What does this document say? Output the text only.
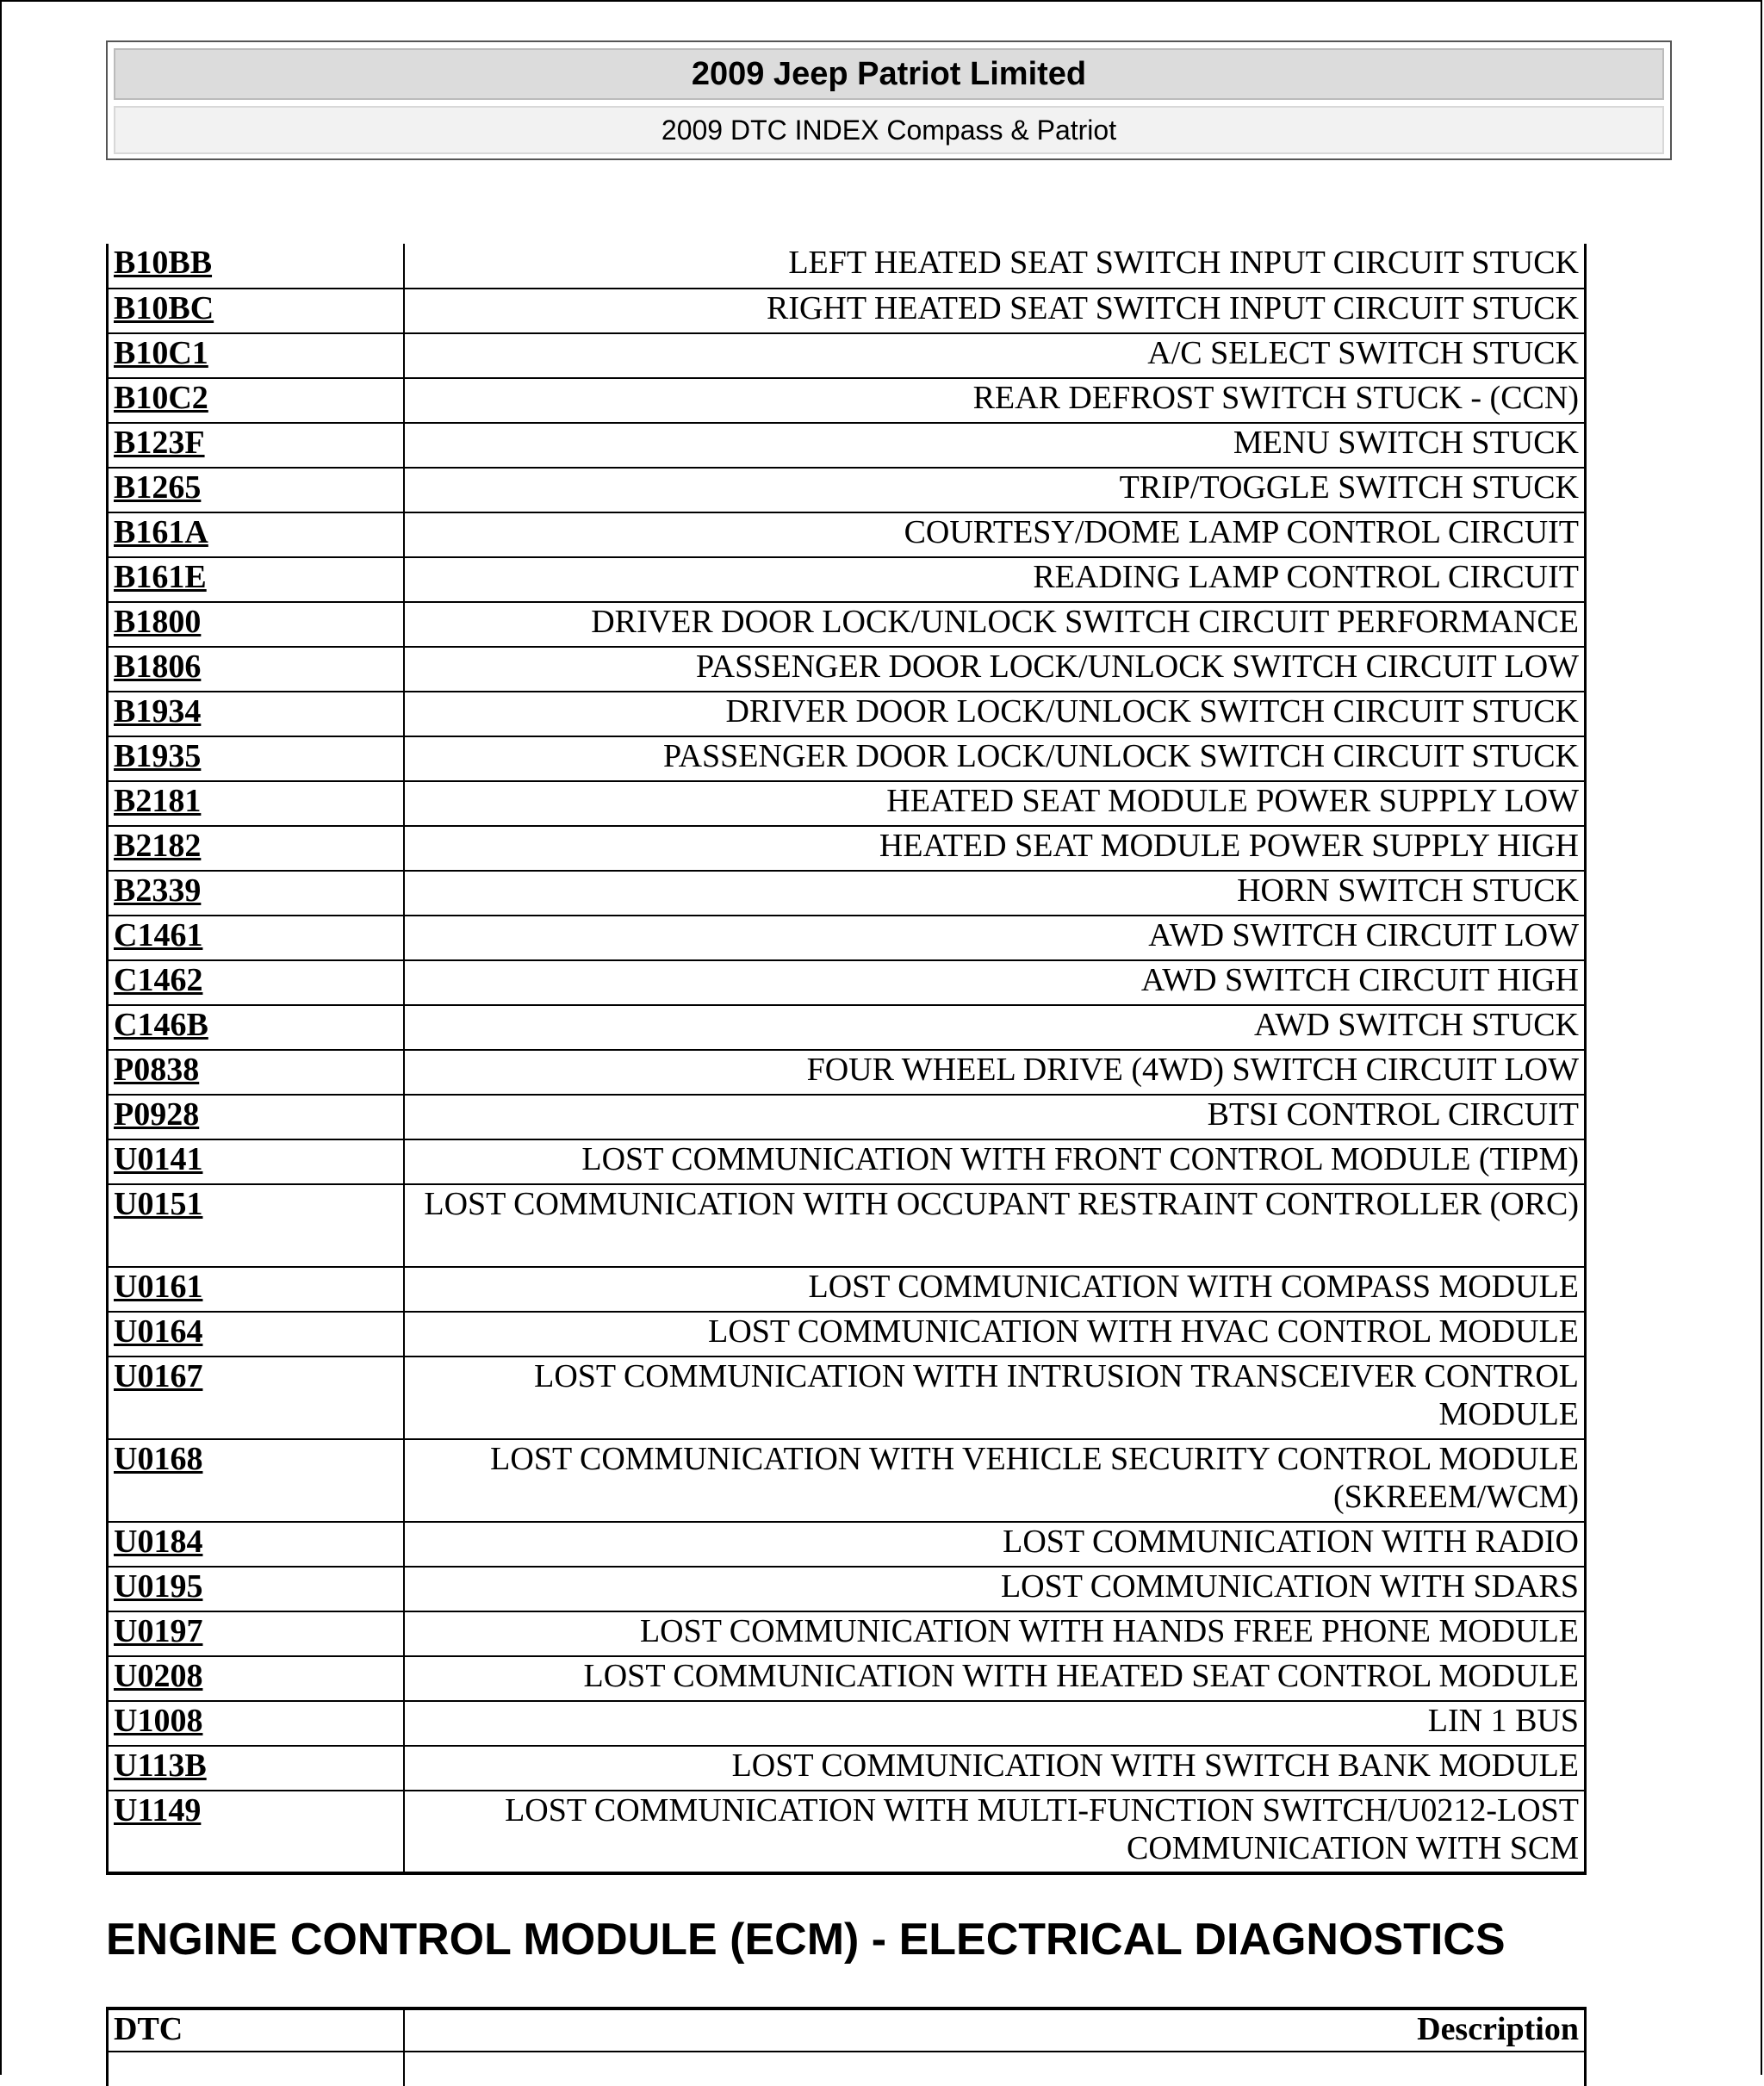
2009 Jeep Patriot Limited
2009 DTC INDEX Compass & Patriot
B10BB	LEFT HEATED SEAT SWITCH INPUT CIRCUIT STUCK
B10BC	RIGHT HEATED SEAT SWITCH INPUT CIRCUIT STUCK
B10C1	A/C SELECT SWITCH STUCK
B10C2	REAR DEFROST SWITCH STUCK - (CCN)
B123F	MENU SWITCH STUCK
B1265	TRIP/TOGGLE SWITCH STUCK
B161A	COURTESY/DOME LAMP CONTROL CIRCUIT
B161E	READING LAMP CONTROL CIRCUIT
B1800	DRIVER DOOR LOCK/UNLOCK SWITCH CIRCUIT PERFORMANCE
B1806	PASSENGER DOOR LOCK/UNLOCK SWITCH CIRCUIT LOW
B1934	DRIVER DOOR LOCK/UNLOCK SWITCH CIRCUIT STUCK
B1935	PASSENGER DOOR LOCK/UNLOCK SWITCH CIRCUIT STUCK
B2181	HEATED SEAT MODULE POWER SUPPLY LOW
B2182	HEATED SEAT MODULE POWER SUPPLY HIGH
B2339	HORN SWITCH STUCK
C1461	AWD SWITCH CIRCUIT LOW
C1462	AWD SWITCH CIRCUIT HIGH
C146B	AWD SWITCH STUCK
P0838	FOUR WHEEL DRIVE (4WD) SWITCH CIRCUIT LOW
P0928	BTSI CONTROL CIRCUIT
U0141	LOST COMMUNICATION WITH FRONT CONTROL MODULE (TIPM)
U0151	LOST COMMUNICATION WITH OCCUPANT RESTRAINT CONTROLLER (ORC)
U0161	LOST COMMUNICATION WITH COMPASS MODULE
U0164	LOST COMMUNICATION WITH HVAC CONTROL MODULE
U0167	LOST COMMUNICATION WITH INTRUSION TRANSCEIVER CONTROL MODULE
U0168	LOST COMMUNICATION WITH VEHICLE SECURITY CONTROL MODULE (SKREEM/WCM)
U0184	LOST COMMUNICATION WITH RADIO
U0195	LOST COMMUNICATION WITH SDARS
U0197	LOST COMMUNICATION WITH HANDS FREE PHONE MODULE
U0208	LOST COMMUNICATION WITH HEATED SEAT CONTROL MODULE
U1008	LIN 1 BUS
U113B	LOST COMMUNICATION WITH SWITCH BANK MODULE
U1149	LOST COMMUNICATION WITH MULTI-FUNCTION SWITCH/U0212-LOST COMMUNICATION WITH SCM
ENGINE CONTROL MODULE (ECM) - ELECTRICAL DIAGNOSTICS
DTC	Description
